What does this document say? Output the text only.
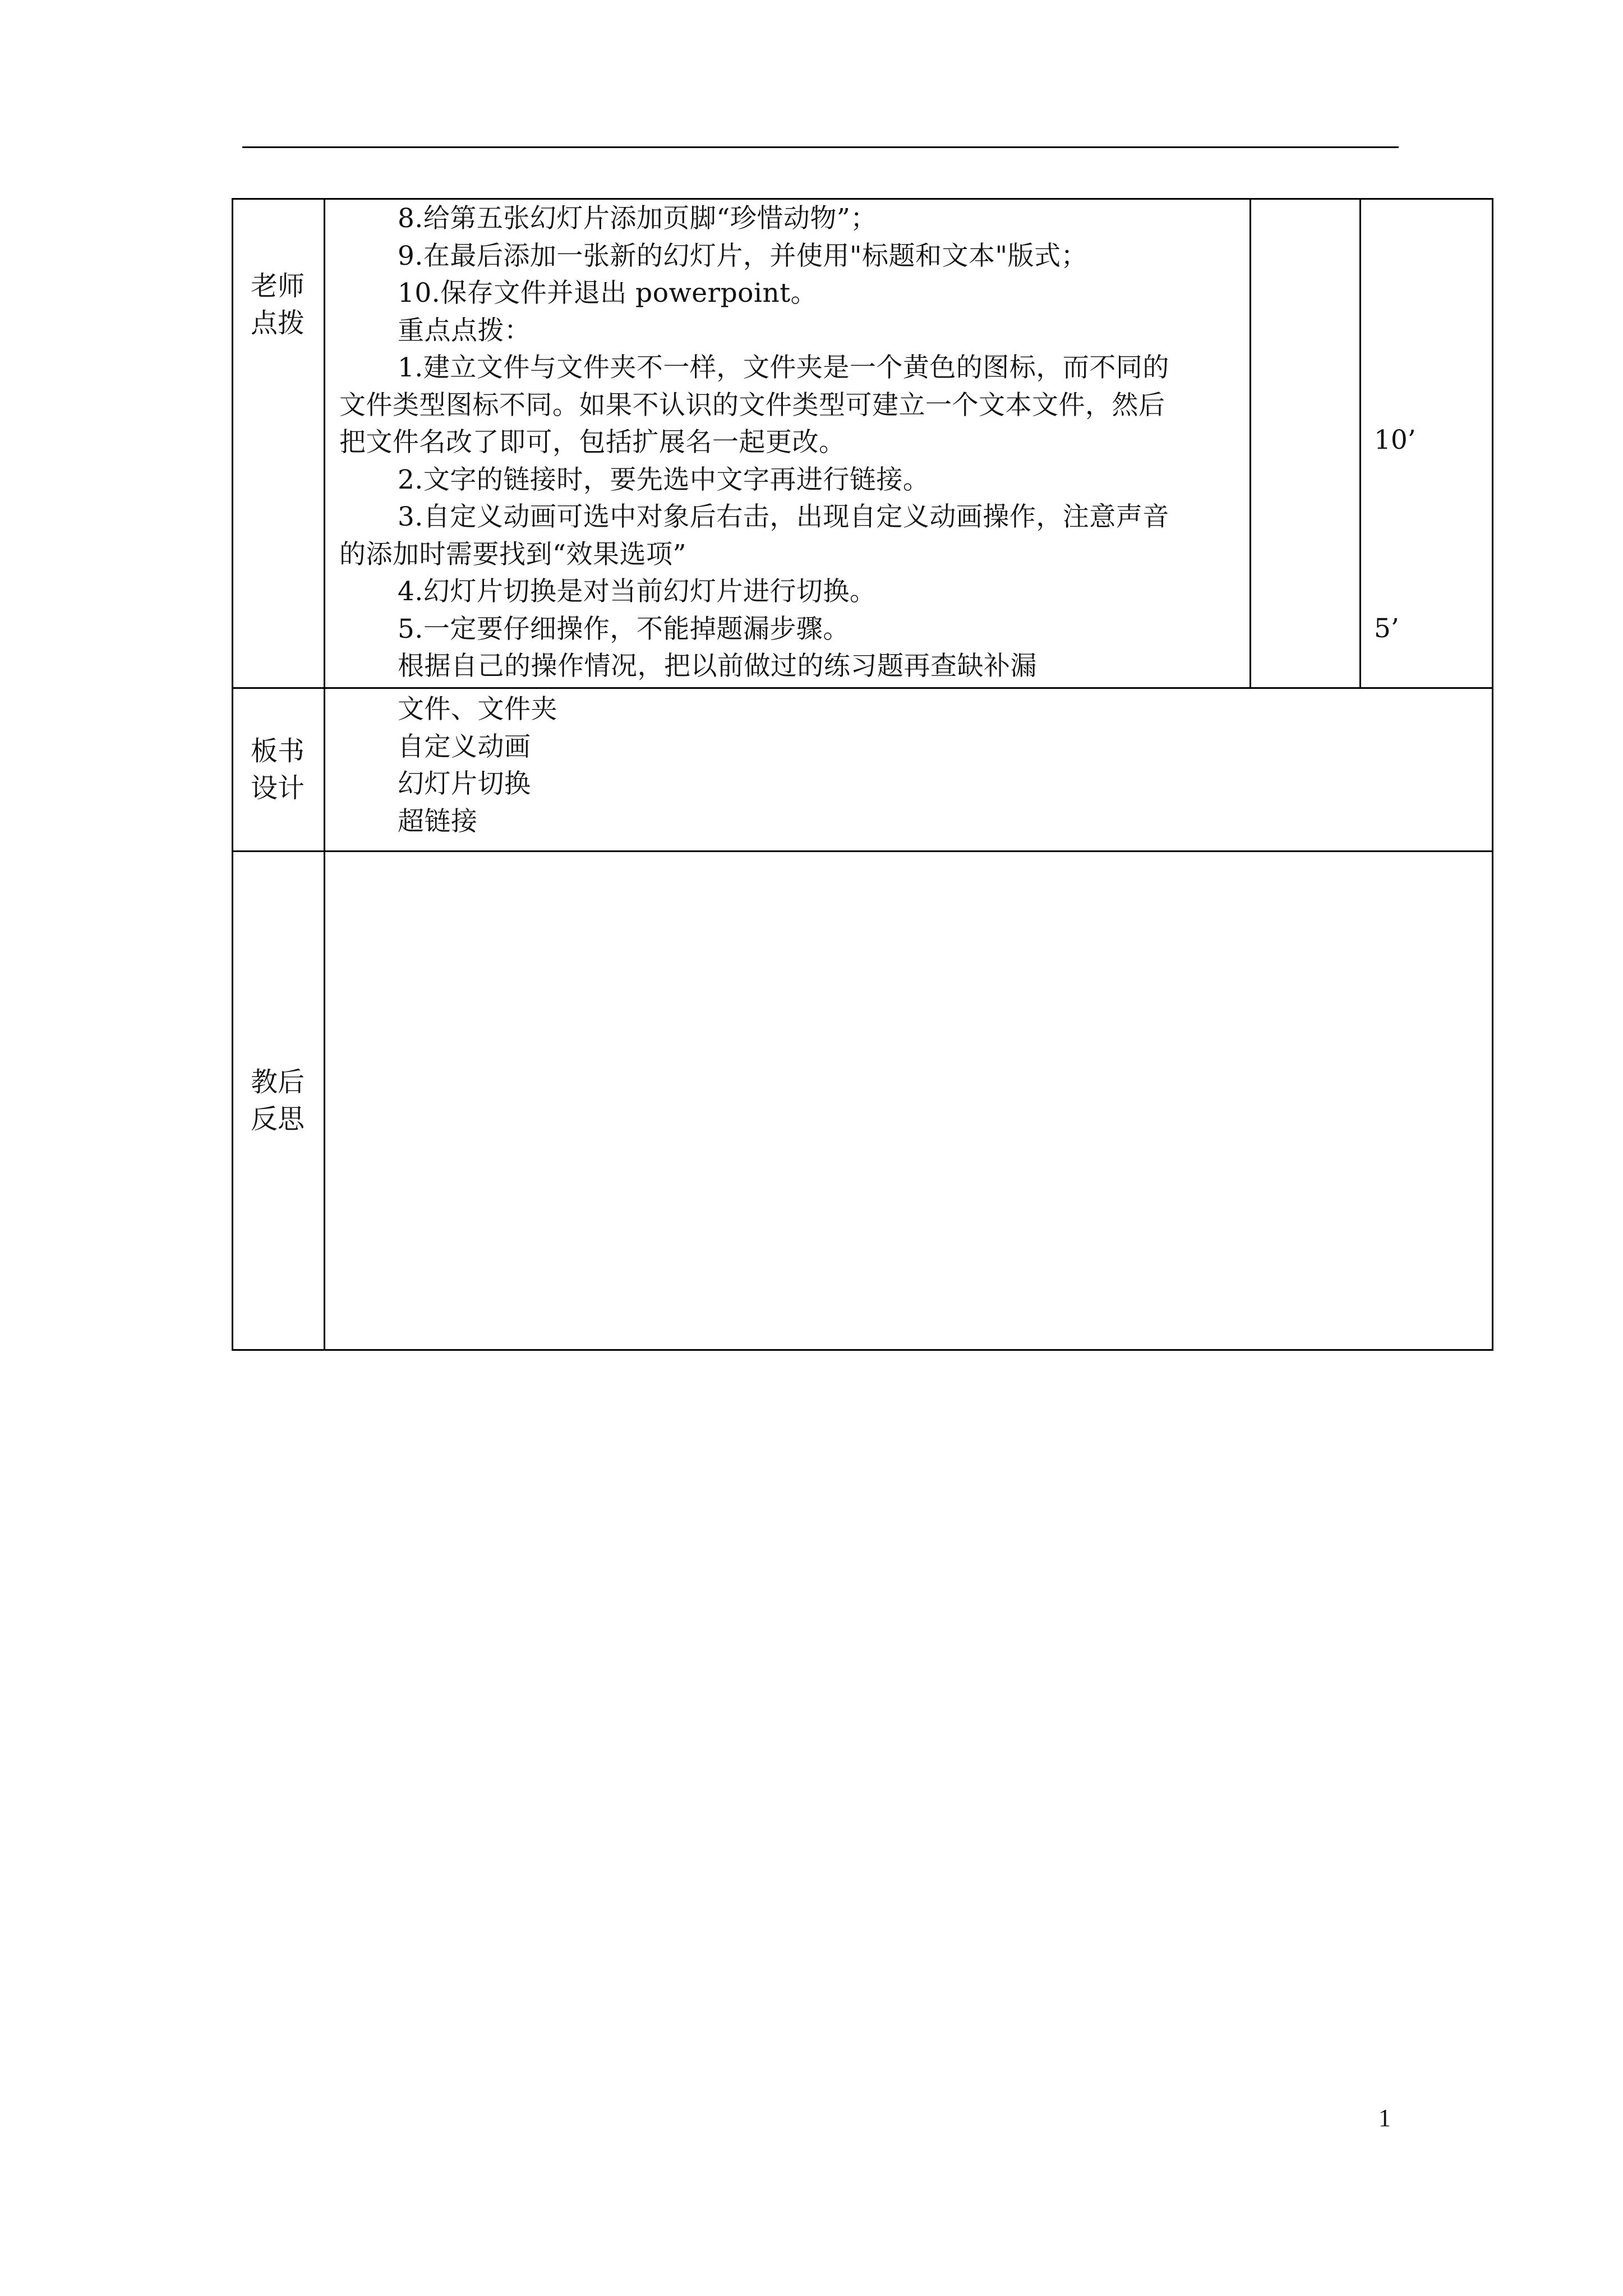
老师
点拨
8.给第五张幻灯片添加页脚“珍惜动物”；
9.在最后添加一张新的幻灯片，并使用"标题和文本"版式；
10.保存文件并退出 powerpoint。
重点点拨：
1.建立文件与文件夹不一样，文件夹是一个黄色的图标，而不同的
文件类型图标不同。如果不认识的文件类型可建立一个文本文件，然后
把文件名改了即可，包括扩展名一起更改。
2.文字的链接时，要先选中文字再进行链接。
3.自定义动画可选中对象后右击，出现自定义动画操作，注意声音
的添加时需要找到“效果选项”
4.幻灯片切换是对当前幻灯片进行切换。
5.一定要仔细操作，不能掉题漏步骤。
根据自己的操作情况，把以前做过的练习题再查缺补漏
10’
5’
板书
设计
文件、文件夹
自定义动画
幻灯片切换
超链接
教后
反思
1
